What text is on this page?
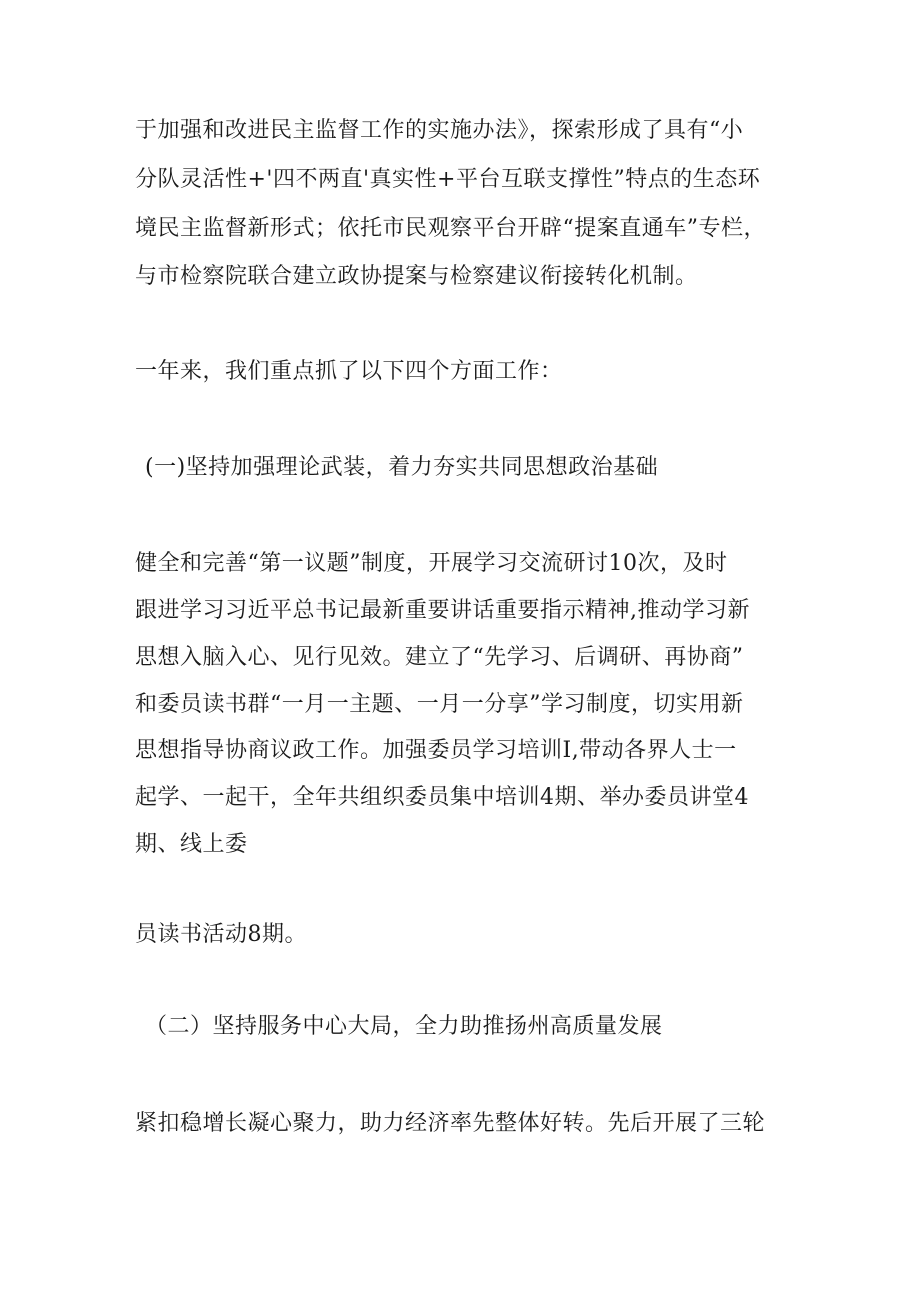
于加强和改进民主监督工作的实施办法》，探索形成了具有“小
分队灵活性+'四不两直'真实性+平台互联支撑性”特点的生态环
境民主监督新形式；依托市民观察平台开辟“提案直通车”专栏，
与市检察院联合建立政协提案与检察建议衔接转化机制。
一年来，我们重点抓了以下四个方面工作：
(一)坚持加强理论武装，着力夯实共同思想政治基础
健全和完善“第一议题”制度，开展学习交流研讨10次，及时
跟进学习习近平总书记最新重要讲话重要指示精神,推动学习新
思想入脑入心、见行见效。建立了“先学习、后调研、再协商”
和委员读书群“一月一主题、一月一分享”学习制度，切实用新
思想指导协商议政工作。加强委员学习培训I,带动各界人士一
起学、一起干，全年共组织委员集中培训4期、举办委员讲堂4
期、线上委
员读书活动8期。
（二）坚持服务中心大局，全力助推扬州高质量发展
紧扣稳增长凝心聚力，助力经济率先整体好转。先后开展了三轮
